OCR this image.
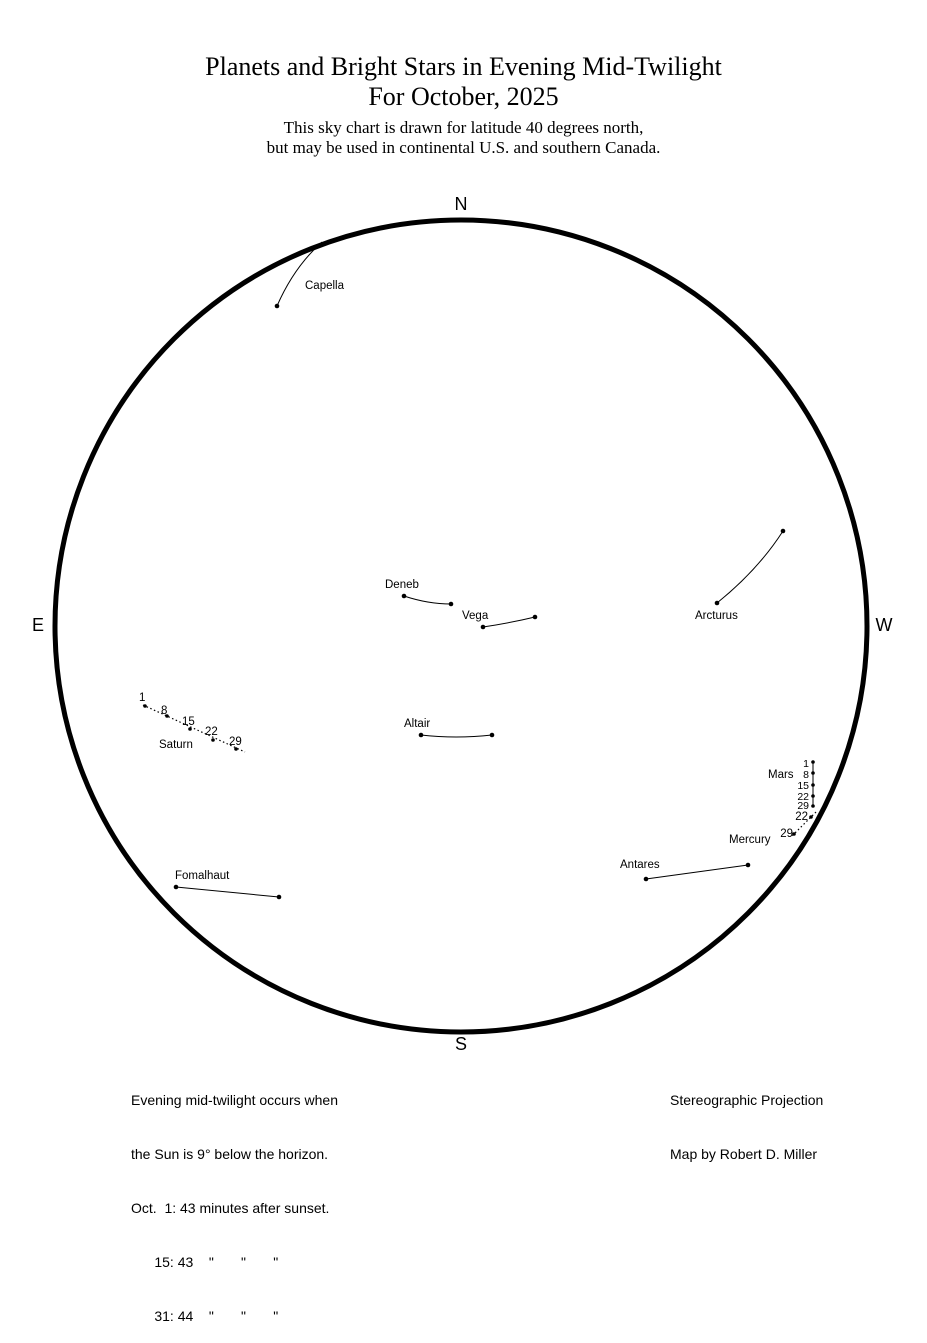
Planets and Bright Stars in Evening Mid-Twilight
For October, 2025
This sky chart is drawn for latitude 40 degrees north,
but may be used in continental U.S. and southern Canada.
N
S
E	W
Capella
Deneb
Vega	Arcturus
Altair
Fomalhaut
Antares
1
8
15
22
29
Saturn
1
8
15
22
29
Mars
22
29
Mercury

Evening mid-twilight occurs when

the Sun is 9° below the horizon.

Oct.  1: 43 minutes after sunset.

15: 43    "       "       "

31: 44    "       "       "

Stereographic Projection

Map by Robert D. Miller
